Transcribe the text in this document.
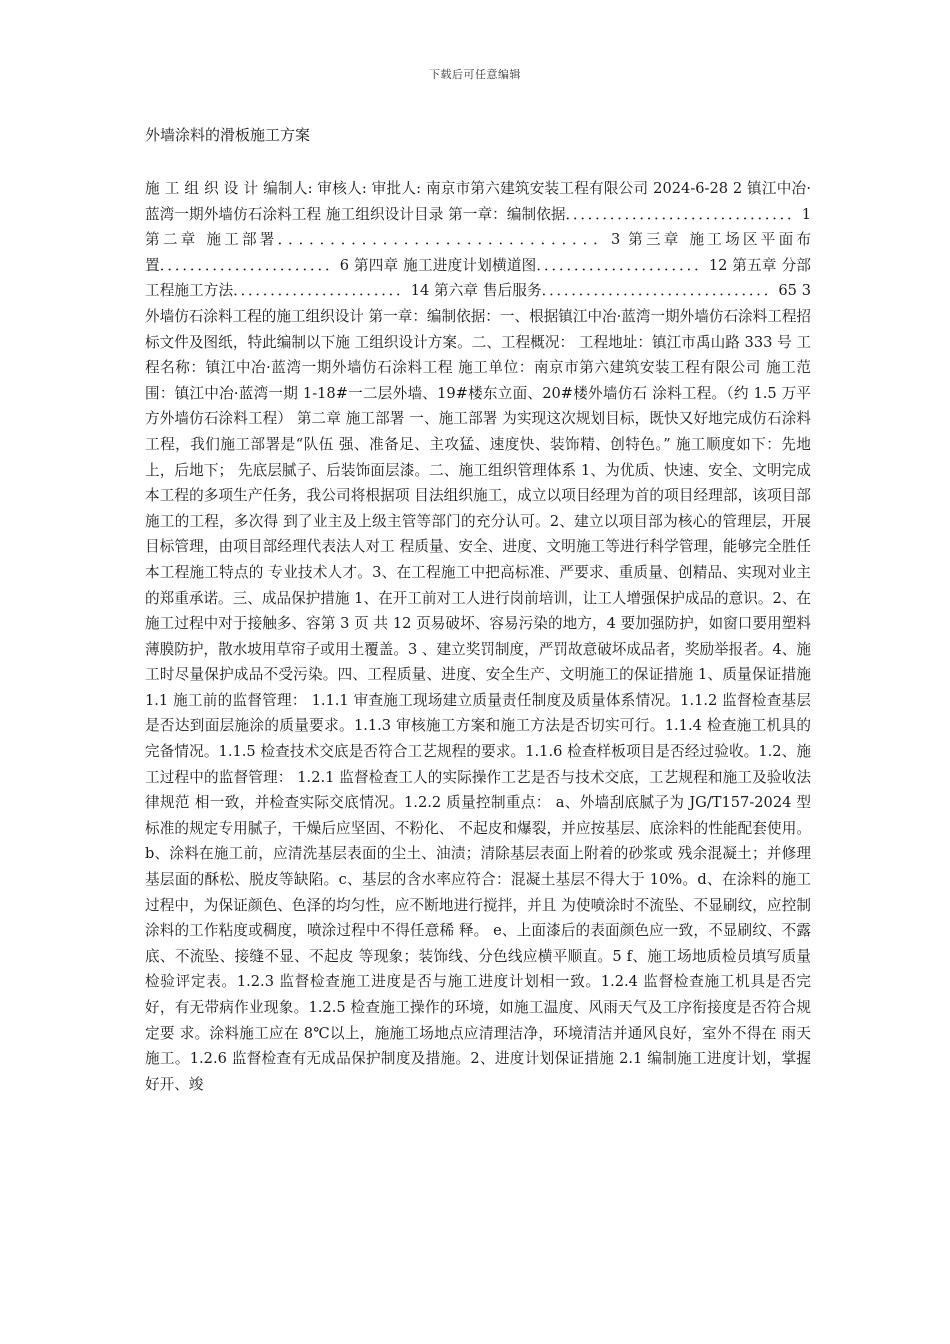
下载后可任意编辑
外墙涂料的滑板施工方案

施 工 组 织 设 计 编制人: 审核人: 审批人: 南京市第六建筑安装工程有限公司 2024-6-28 2 镇江中冶·蓝湾一期外墙仿石涂料工程 施工组织设计目录 第一章：编制依据．．．．．．．．．．．．．．．．．．．．．．．．．．．．．．．1 第二章 施工部署．．．．．．．．．．．．．．．．．．．．．．．．．．．．．．．3 第三章 施工场区平面布置．．．．．．．．．．．．．．．．．．．．．．．6 第四章 施工进度计划横道图．．．．．．．．．．．．．．．．．．．．．．12 第五章 分部工程施工方法．．．．．．．．．．．．．．．．．．．．．．．14 第六章 售后服务．．．．．．．．．．．．．．．．．．．．．．．．．．．．．．．65 3 外墙仿石涂料工程的施工组织设计 第一章：编制依据：一、根据镇江中冶·蓝湾一期外墙仿石涂料工程招标文件及图纸，特此编制以下施 工组织设计方案。二、工程概况： 工程地址：镇江市禹山路 333 号 工程名称：镇江中冶·蓝湾一期外墙仿石涂料工程 施工单位：南京市第六建筑安装工程有限公司 施工范围：镇江中冶·蓝湾一期 1-18#一二层外墙、19#楼东立面、20#楼外墙仿石 涂料工程。（约 1.5 万平方外墙仿石涂料工程） 第二章 施工部署 一、施工部署 为实现这次规划目标，既快又好地完成仿石涂料工程，我们施工部署是“队伍 强、准备足、主攻猛、速度快、装饰精、创特色。” 施工顺度如下：先地上，后地下； 先底层腻子、后装饰面层漆。二、施工组织管理体系 1、为优质、快速、安全、文明完成本工程的多项生产任务，我公司将根据项 目法组织施工，成立以项目经理为首的项目经理部，该项目部施工的工程，多次得 到了业主及上级主管等部门的充分认可。2、建立以项目部为核心的管理层，开展目标管理，由项目部经理代表法人对工 程质量、安全、进度、文明施工等进行科学管理，能够完全胜任本工程施工特点的 专业技术人才。3、在工程施工中把高标准、严要求、重质量、创精品、实现对业主的郑重承诺。三、成品保护措施 1、在开工前对工人进行岗前培训，让工人增强保护成品的意识。2、在施工过程中对于接触多、容第 3 页 共 12 页易破坏、容易污染的地方，4 要加强防护，如窗口要用塑料薄膜防护，散水坡用草帘子或用土覆盖。3 、建立奖罚制度，严罚故意破坏成品者，奖励举报者。4、施工时尽量保护成品不受污染。四、工程质量、进度、安全生产、文明施工的保证措施 1、质量保证措施 1.1 施工前的监督管理： 1.1.1 审查施工现场建立质量责任制度及质量体系情况。1.1.2 监督检查基层是否达到面层施涂的质量要求。1.1.3 审核施工方案和施工方法是否切实可行。1.1.4 检查施工机具的完备情况。1.1.5 检查技术交底是否符合工艺规程的要求。1.1.6 检查样板项目是否经过验收。1.2、施工过程中的监督管理： 1.2.1 监督检查工人的实际操作工艺是否与技术交底，工艺规程和施工及验收法律规范 相一致，并检查实际交底情况。1.2.2 质量控制重点： a、外墙刮底腻子为 JG/T157-2024 型标准的规定专用腻子，干燥后应坚固、不粉化、 不起皮和爆裂，并应按基层、底涂料的性能配套使用。b、涂料在施工前，应清洗基层表面的尘土、油渍；清除基层表面上附着的砂浆或 残余混凝土；并修理基层面的酥松、脱皮等缺陷。c、基层的含水率应符合：混凝土基层不得大于 10%。d、在涂料的施工过程中，为保证颜色、色泽的均匀性，应不断地进行搅拌，并且 为使喷涂时不流坠、不显刷纹，应控制涂料的工作粘度或稠度，喷涂过程中不得任意稀 释。 e、上面漆后的表面颜色应一致，不显刷纹、不露底、不流坠、接缝不显、不起皮 等现象；装饰线、分色线应横平顺直。5 f、施工场地质检员填写质量检验评定表。1.2.3 监督检查施工进度是否与施工进度计划相一致。1.2.4 监督检查施工机具是否完好，有无带病作业现象。1.2.5 检查施工操作的环境，如施工温度、风雨天气及工序衔接度是否符合规定要 求。涂料施工应在 8℃以上，施施工场地点应清理洁净，环境清洁并通风良好，室外不得在 雨天施工。1.2.6 监督检查有无成品保护制度及措施。2、进度计划保证措施 2.1 编制施工进度计划，掌握好开、竣
